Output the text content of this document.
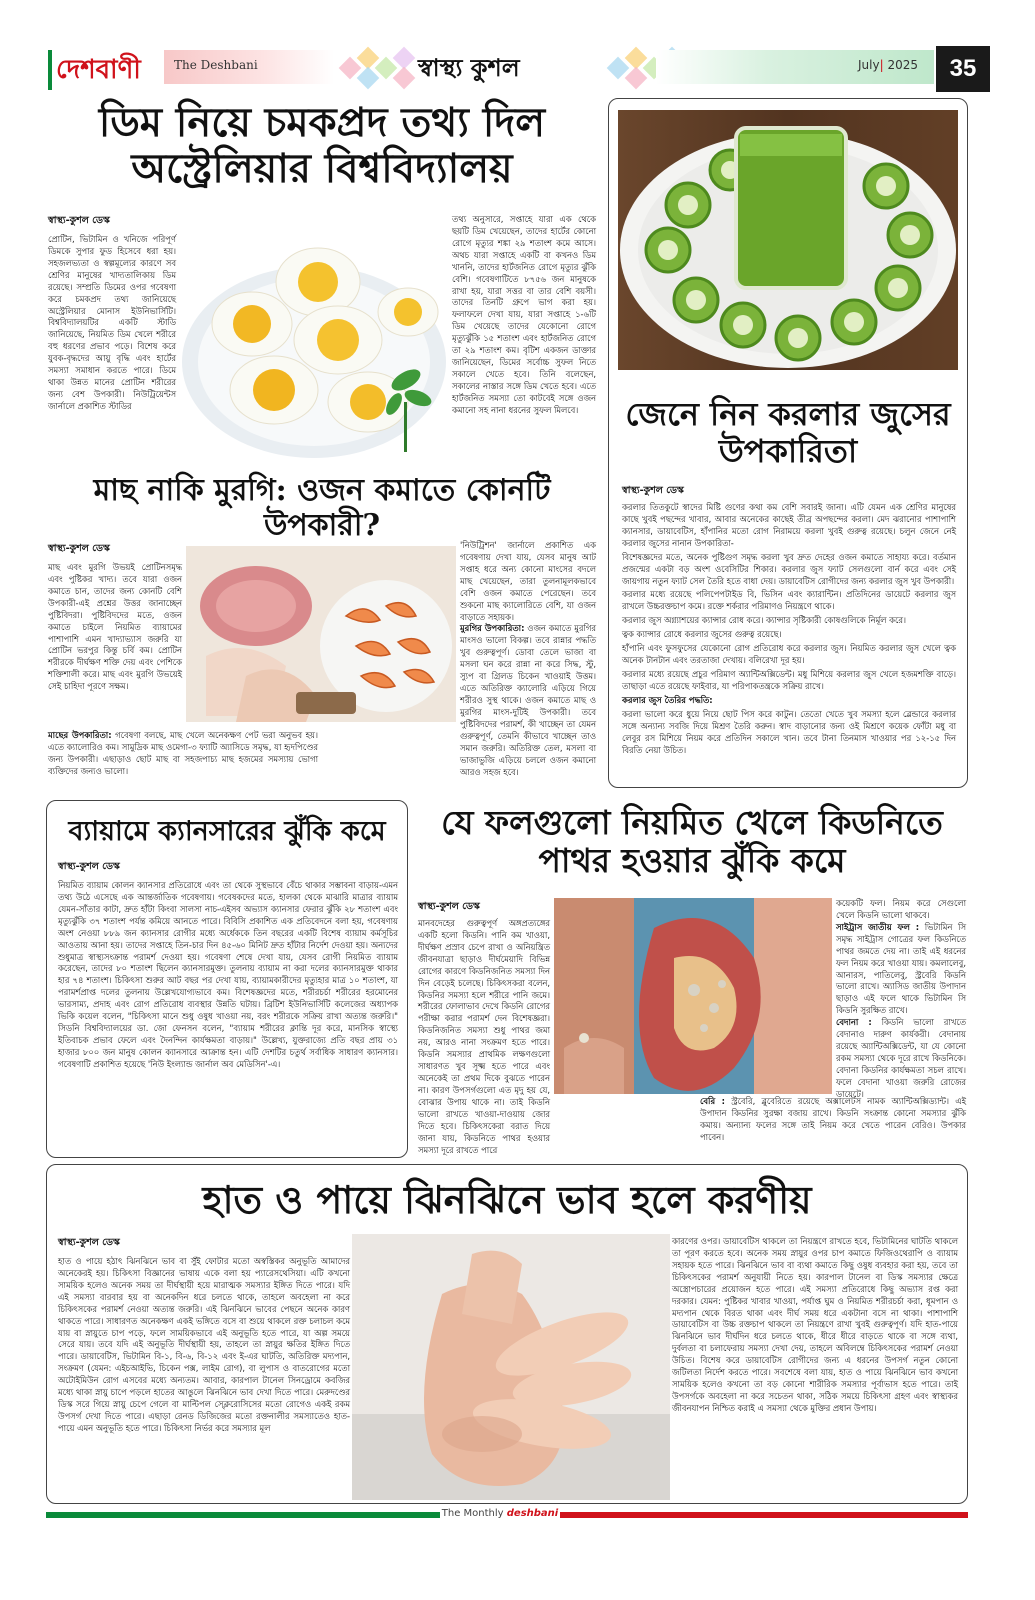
দেশবাণী	The Deshbani	স্বাস্থ্য কুশল	July| 2025	35
ডিম নিয়ে চমকপ্রদ তথ্য দিল অস্ট্রেলিয়ার বিশ্ববিদ্যালয়
স্বাস্থ্য-কুশল ডেস্ক
প্রোটিন, ভিটামিন ও খনিজে পরিপূর্ণ ডিমকে সুপার ফুড হিসেবে ধরা হয়। সহজলভ্যতা ও স্বল্পমূল্যের কারণে সব শ্রেণির মানুষের খাদ্যতালিকায় ডিম রয়েছে। সম্প্রতি ডিমের ওপর গবেষণা করে চমকপ্রদ তথ্য জানিয়েছে অস্ট্রেলিয়ার মোনাস ইউনিভার্সিটি। বিশ্ববিদ্যালয়টির একটি স্টাডি জানিয়েছে, নিয়মিত ডিম খেলে শরীরে বহু ধরণের প্রভাব পড়ে। বিশেষ করে যুবক-বৃদ্ধদের আয়ু বৃদ্ধি এবং হার্টের সমস্যা সমাধান করতে পারে। ডিমে থাকা উন্নত মানের প্রোটিন শরীরের জন্য বেশ উপকারী। নিউট্রিয়েন্টস জার্নালে প্রকাশিত স্টাডির
তথ্য অনুসারে, সপ্তাহে যারা এক থেকে ছয়টি ডিম খেয়েছেন, তাদের হার্টের কোনো রোগে মৃত্যুর শঙ্কা ২৯ শতাংশ কমে আসে। অথচ যারা সপ্তাহে একটি বা কখনও ডিম খাননি, তাদের হার্টজনিত রোগে মৃত্যুর ঝুঁকি বেশি। গবেষণাটিতে ৮৭৫৬ জন মানুষকে রাখা হয়, যারা সত্তর বা তার বেশি বয়সী। তাদের তিনটি গ্রুপে ভাগ করা হয়। ফলাফলে দেখা যায়, যারা সপ্তাহে ১-৬টি ডিম খেয়েছে তাদের যেকোনো রোগে মৃত্যুঝুঁকি ১৫ শতাংশ এবং হার্টজনিত রোগে তা ২৯ শতাংশ কম। বৃটিশ একজন ডাক্তার জানিয়েছেন, ডিমের সর্বোচ্চ সুফল নিতে সকালে খেতে হবে। তিনি বলেছেন, সকালের নাস্তার সঙ্গে ডিম খেতে হবে। এতে হার্টজনিত সমস্যা তো কাটবেই সঙ্গে ওজন কমানো সহ নানা ধরনের সুফল মিলবে।	জেনে নিন করলার জুসের উপকারিতা
স্বাস্থ্য-কুশল ডেস্ক

করলার তিতকুটে স্বাদের মিষ্টি গুণের কথা কম বেশি সবারই জানা। এটি যেমন এক শ্রেণির মানুষের কাছে খুবই পছন্দের খাবার, আবার অনেকের কাছেই তীব্র অপছন্দের করলা। মেদ ঝরানোর পাশাপাশি ক্যানসার, ডায়াবেটিস, হাঁপানির মতো রোগ নিরাময়ে করলা খুবই গুরুত্ব রয়েছে। চলুন জেনে নেই করলার জুসের নানান উপকারিতা-

বিশেষজ্ঞদের মতে, অনেক পুষ্টিগুণ সমৃদ্ধ করলা খুব দ্রুত দেহের ওজন কমাতে সাহায্য করে। বর্তমান প্রজন্মের একটা বড় অংশ ওবেসিটির শিকার। করলার জুস ফ্যাট সেলগুলো বার্ন করে এবং সেই জায়গায় নতুন ফ্যাট সেল তৈরি হতে বাধা দেয়। ডায়াবেটিস রোগীদের জন্য করলার জুস খুব উপকারী।

করলার মধ্যে রয়েছে পলিপেপটাইড বি, ভিসিন এবং ক্যারান্টিন। প্রতিদিনের ডায়েটে করলার জুস রাখলে উচ্চরক্তচাপ কমে। রক্তে শর্করার পরিমাণও নিয়ন্ত্রণে থাকে।

করলার জুস অগ্ন্যাশয়ের ক্যান্সার রোধ করে। ক্যান্সার সৃষ্টিকারী কোষগুলিকে নির্মূল করে।

ত্বক ক্যান্সার রোধে করলার জুসের গুরুত্ব রয়েছে।

হাঁপানি এবং ফুসফুসের যেকোনো রোগ প্রতিরোধ করে করলার জুস। নিয়মিত করলার জুস খেলে ত্বক অনেক টানটান এবং তরতাজা দেখায়। বলিরেখা দূর হয়।

করলার মধ্যে রয়েছে প্রচুর পরিমাণ অ্যান্টিঅক্সিডেন্ট। মধু মিশিয়ে করলার জুস খেলে হজমশক্তি বাড়ে। তাছাড়া এতে রয়েছে ফাইবার, যা পরিপাকতন্ত্রকে সক্রিয় রাখে।

করলার জুস তৈরির পদ্ধতি:

করলা ভালো করে ধুয়ে নিয়ে ছোট পিস করে কাটুন। তেতো খেতে খুব সমস্যা হলে ব্লেন্ডারে করলার সঙ্গে অন্যান্য সবজি দিয়ে মিশ্রণ তৈরি করুন। স্বাদ বাড়ানোর জন্য ওই মিশ্রণে কয়েক ফোঁটা মধু বা লেবুর রস মিশিয়ে নিয়ম করে প্রতিদিন সকালে খান। তবে টানা তিনমাস খাওয়ার পর ১২-১৫ দিন বিরতি নেয়া উচিত।

মাছ নাকি মুরগি: ওজন কমাতে কোনটি উপকারী?
স্বাস্থ্য-কুশল ডেস্ক
মাছ এবং মুরগি উভয়ই প্রোটিনসমৃদ্ধ এবং পুষ্টিকর খাদ্য। তবে যারা ওজন কমাতে চান, তাদের জন্য কোনটি বেশি উপকারী-এই প্রশ্নের উত্তর জানাচ্ছেন পুষ্টিবিদরা। পুষ্টিবিদদের মতে, ওজন কমাতে চাইলে নিয়মিত ব্যায়ামের পাশাপাশি এমন খাদ্যাভ্যাস জরুরি যা প্রোটিন ভরপুর কিন্তু চর্বি কম। প্রোটিন শরীরকে দীর্ঘক্ষণ শক্তি দেয় এবং পেশিকে শক্তিশালী করে। মাছ এবং মুরগি উভয়েই সেই চাহিদা পূরণে সক্ষম।
'নিউট্রিশন' জার্নালে প্রকাশিত এক গবেষণায় দেখা যায়, যেসব মানুষ আট সপ্তাহ ধরে অন্য কোনো মাংসের বদলে মাছ খেয়েছেন, তারা তুলনামূলকভাবে বেশি ওজন কমাতে পেরেছেন। তবে শুকনো মাছ ক্যালোরিতে বেশি, যা ওজন বাড়াতে সহায়ক।
মুরগির উপকারিতা: ওজন কমাতে মুরগির মাংসও ভালো বিকল্প। তবে রান্নার পদ্ধতি খুব গুরুত্বপূর্ণ। ডোবা তেলে ভাজা বা মসলা ঘন করে রান্না না করে সিদ্ধ, স্টু, স্যুপ বা গ্রিলড চিকেন খাওয়াই উত্তম। এতে অতিরিক্ত ক্যালোরি এড়িয়ে গিয়ে শরীরও সুস্থ থাকে। ওজন কমাতে মাছ ও মুরগির মাংস-দুটিই উপকারী। তবে পুষ্টিবিদদের পরামর্শ, কী খাচ্ছেন তা যেমন গুরুত্বপূর্ণ, তেমনি কীভাবে খাচ্ছেন তাও সমান জরুরি। অতিরিক্ত তেল, মসলা বা ভাজাভুজি এড়িয়ে চললে ওজন কমানো আরও সহজ হবে।
মাছের উপকারিতা: গবেষণা বলছে, মাছ খেলে অনেকক্ষণ পেট ভরা অনুভব হয়। এতে ক্যালোরিও কম। সামুদ্রিক মাছ ওমেগা-৩ ফ্যাটি অ্যাসিডে সমৃদ্ধ, যা হৃদপিণ্ডের জন্য উপকারী। এছাড়াও ছোট মাছ বা সহজপাচ্য মাছ হজমের সমস্যায় ভোগা ব্যক্তিদের জন্যও ভালো।
ব্যায়ামে ক্যানসারের ঝুঁকি কমে
স্বাস্থ্য-কুশল ডেস্ক
নিয়মিত ব্যায়াম কোলন ক্যানসার প্রতিরোধে এবং তা থেকে সুস্থভাবে বেঁচে থাকার সম্ভাবনা বাড়ায়-এমন তথ্য উঠে এসেছে এক আন্তর্জাতিক গবেষণায়। গবেষকদের মতে, হালকা থেকে মাঝারি মাত্রার ব্যায়াম যেমন-সাঁতার কাটা, দ্রুত হাঁটা কিংবা সালসা নাচ-এইসব অভ্যাস ক্যানসার ফেরার ঝুঁকি ২৮ শতাংশ এবং মৃত্যুঝুঁকি ৩৭ শতাংশ পর্যন্ত কমিয়ে আনতে পারে। বিবিসি প্রকাশিত এক প্রতিবেদনে বলা হয়, গবেষণায় অংশ নেওয়া ৮৮৯ জন ক্যানসার রোগীর মধ্যে অর্ধেককে তিন বছরের একটি বিশেষ ব্যায়াম কর্মসূচির আওতায় আনা হয়। তাদের সপ্তাহে তিন-চার দিন ৪৫-৬০ মিনিট দ্রুত হাঁটার নির্দেশ দেওয়া হয়। অন্যদের শুধুমাত্র স্বাস্থ্যসংক্রান্ত পরামর্শ দেওয়া হয়। গবেষণা শেষে দেখা যায়, যেসব রোগী নিয়মিত ব্যায়াম করেছেন, তাদের ৮০ শতাংশ ছিলেন ক্যানসারমুক্ত। তুলনায় ব্যায়াম না করা দলের ক্যানসারমুক্ত থাকার হার ৭৪ শতাংশ। চিকিৎসা শুরুর আট বছর পর দেখা যায়, ব্যায়ামকারীদের মৃত্যুহার মাত্র ১০ শতাংশ, যা পরামর্শপ্রাপ্ত দলের তুলনায় উল্লেখযোগ্যভাবে কম। বিশেষজ্ঞদের মতে, শরীরচর্চা শরীরের হরমোনের ভারসাম্য, প্রদাহ এবং রোগ প্রতিরোধ ব্যবস্থার উন্নতি ঘটায়। ব্রিটিশ ইউনিভার্সিটি কলেজের অধ্যাপক ভিকি কয়েল বলেন, "চিকিৎসা মানে শুধু ওষুধ খাওয়া নয়, বরং শরীরকে সক্রিয় রাখা অত্যন্ত জরুরি।" সিডনি বিশ্ববিদ্যালয়ের ডা. জো ফেনসন বলেন, "ব্যায়াম শরীরের ক্লান্তি দূর করে, মানসিক স্বাস্থ্যে ইতিবাচক প্রভাব ফেলে এবং দৈনন্দিন কার্যক্ষমতা বাড়ায়।" উল্লেখ্য, যুক্তরাজ্যে প্রতি বছর প্রায় ৩১ হাজার ৮০০ জন মানুষ কোলন ক্যানসারে আক্রান্ত হন। এটি দেশটির চতুর্থ সর্বাধিক সাধারণ ক্যানসার। গবেষণাটি প্রকাশিত হয়েছে 'নিউ ইংল্যান্ড জার্নাল অব মেডিসিন'-এ।
যে ফলগুলো নিয়মিত খেলে কিডনিতে পাথর হওয়ার ঝুঁকি কমে
স্বাস্থ্য-কুশল ডেস্ক
মানবদেহের গুরুত্বপূর্ণ অঙ্গপ্রত্যঙ্গের একটি হলো কিডনি। পানি কম খাওয়া, দীর্ঘক্ষণ প্রস্রাব চেপে রাখা ও অনিয়ন্ত্রিত জীবনযাত্রা ছাড়াও দীর্ঘমেয়াদি বিভিন্ন রোগের কারণে কিডনিজনিত সমস্যা দিন দিন বেড়েই চলেছে। চিকিৎসকরা বলেন, কিডনির সমস্যা হলে শরীরে পানি জমে। শরীরের ফোলাভাব দেখে কিডনি রোগের পরীক্ষা করার পরামর্শ দেন বিশেষজ্ঞরা। কিডনিজনিত সমস্যা শুধু পাথর জমা নয়, আরও নানা সংক্রমণ হতে পারে। কিডনি সমস্যার প্রাথমিক লক্ষণগুলো সাধারণত খুব সূক্ষ্ম হতে পারে এবং অনেকেই তা প্রথম দিকে বুঝতে পারেন না। কারণ উপসর্গগুলো এত মৃদু হয় যে, বোঝার উপায় থাকে না। তাই কিডনি ভালো রাখতে খাওয়া-দাওয়ায় জোর দিতে হবে। চিকিৎসকেরা বরাত দিয়ে জানা যায়, কিডনিতে পাথর হওয়ার সমস্যা দূরে রাখতে পারে
কয়েকটি ফল। নিয়ম করে সেগুলো খেলে কিডনি ভালো থাকবে।
সাইট্রাস জাতীয় ফল : ভিটামিন সি সমৃদ্ধ সাইট্রাস গোত্রের ফল কিডনিতে পাথর জমতে দেয় না। তাই এই ধরনের ফল নিয়ম করে খাওয়া যায়। কমলালেবু, আনারস, পাতিলেবু, স্ট্রবেরি কিডনি ভালো রাখে। অ্যাসিড জাতীয় উপাদান ছাড়াও এই ফলে থাকে ভিটামিন সি কিডনি সুরক্ষিত রাখে।
বেদানা : কিডনি ভালো রাখতে বেদানাও দারুণ কার্যকরী। বেদানায় রয়েছে অ্যান্টিঅক্সিডেন্ট, যা যে কোনো রকম সমস্যা থেকে দূরে রাখে কিডনিকে। বেদানা কিডনির কার্যক্ষমতা সচল রাখে। ফলে বেদানা খাওয়া জরুরি রোজের ডায়েটে।
বেরি : স্ট্রবেরি, ব্লুবেরিতে রয়েছে অক্সালেটস নামক অ্যান্টিঅক্সিড্যান্ট। এই উপাদান কিডনির সুরক্ষা বজায় রাখে। কিডনি সংক্রান্ত কোনো সমস্যার ঝুঁকি কমায়। অন্যান্য ফলের সঙ্গে তাই নিয়ম করে খেতে পারেন বেরিও। উপকার পাবেন।
হাত ও পায়ে ঝিনঝিনে ভাব হলে করণীয়
স্বাস্থ্য-কুশল ডেস্ক
হাত ও পায়ে হঠাৎ ঝিনঝিনে ভাব বা সুঁই ফোটার মতো অস্বস্তিকর অনুভূতি আমাদের অনেকেরই হয়। চিকিৎসা বিজ্ঞানের ভাষায় একে বলা হয় প্যারেসথেসিয়া। এটি কখনো সাময়িক হলেও অনেক সময় তা দীর্ঘস্থায়ী হয়ে মারাত্মক সমস্যার ইঙ্গিত দিতে পারে। যদি এই সমস্যা বারবার হয় বা অনেকদিন ধরে চলতে থাকে, তাহলে অবহেলা না করে চিকিৎসকের পরামর্শ নেওয়া অত্যন্ত জরুরি। এই ঝিনঝিনে ভাবের পেছনে অনেক কারণ থাকতে পারে। সাধারণত অনেকক্ষণ একই ভঙ্গিতে বসে বা শুয়ে থাকলে রক্ত চলাচল কমে যায় বা স্নায়ুতে চাপ পড়ে, ফলে সাময়িকভাবে এই অনুভূতি হতে পারে, যা অল্প সময়ে সেরে যায়। তবে যদি এই অনুভূতি দীর্ঘস্থায়ী হয়, তাহলে তা স্নায়ুর ক্ষতির ইঙ্গিত দিতে পারে। ডায়াবেটিস, ভিটামিন বি-১, বি-৬, বি-১২ এবং ই-এর ঘাটতি, অতিরিক্ত মদ্যপান, সংক্রমণ (যেমন: এইচআইভি, চিকেন পক্স, লাইম রোগ), বা লুপাস ও বাতরোগের মতো অটোইমিউন রোগ এসবের মধ্যে অন্যতম। আবার, কারপাল টানেল সিনড্রোমে কবজির মধ্যে থাকা স্নায়ু চাপে পড়লে হাতের আঙুলে ঝিনঝিনে ভাব দেখা দিতে পারে। মেরুদণ্ডের ডিস্ক সরে গিয়ে স্নায়ু চেপে গেলে বা মাল্টিপল স্ক্লেরোসিসের মতো রোগেও একই রকম উপসর্গ দেখা দিতে পারে। এছাড়া রেনড ডিজিজের মতো রক্তনালীর সমস্যাতেও হাত-পায়ে এমন অনুভূতি হতে পারে। চিকিৎসা নির্ভর করে সমস্যার মূল
কারণের ওপর। ডায়াবেটিস থাকলে তা নিয়ন্ত্রণে রাখতে হবে, ভিটামিনের ঘাটতি থাকলে তা পূরণ করতে হবে। অনেক সময় স্নায়ুর ওপর চাপ কমাতে ফিজিওথেরাপি ও ব্যায়াম সহায়ক হতে পারে। ঝিনঝিনে ভাব বা ব্যথা কমাতে কিছু ওষুধ ব্যবহার করা হয়, তবে তা চিকিৎসকের পরামর্শ অনুযায়ী নিতে হয়। কারপাল টানেল বা ডিস্ক সমস্যার ক্ষেত্রে অস্ত্রোপচারের প্রয়োজন হতে পারে। এই সমস্যা প্রতিরোধে কিছু অভ্যাস রপ্ত করা দরকার। যেমন: পুষ্টিকর খাবার খাওয়া, পর্যাপ্ত ঘুম ও নিয়মিত শরীরচর্চা করা, ধূমপান ও মদ্যপান থেকে বিরত থাকা এবং দীর্ঘ সময় ধরে একটানা বসে না থাকা। পাশাপাশি ডায়াবেটিস বা উচ্চ রক্তচাপ থাকলে তা নিয়ন্ত্রণে রাখা খুবই গুরুত্বপূর্ণ। যদি হাত-পায়ে ঝিনঝিনে ভাব দীর্ঘদিন ধরে চলতে থাকে, ধীরে ধীরে বাড়তে থাকে বা সঙ্গে ব্যথা, দুর্বলতা বা চলাফেরায় সমস্যা দেখা দেয়, তাহলে অবিলম্বে চিকিৎসকের পরামর্শ নেওয়া উচিত। বিশেষ করে ডায়াবেটিস রোগীদের জন্য এ ধরনের উপসর্গ নতুন কোনো জটিলতা নির্দেশ করতে পারে। সবশেষে বলা যায়, হাত ও পায়ে ঝিনঝিনে ভাব কখনো সাময়িক হলেও কখনো তা বড় কোনো শারীরিক সমস্যার পূর্বাভাস হতে পারে। তাই উপসর্গকে অবহেলা না করে সচেতন থাকা, সঠিক সময়ে চিকিৎসা গ্রহণ এবং স্বাস্থ্যকর জীবনযাপন নিশ্চিত করাই এ সমস্যা থেকে মুক্তির প্রধান উপায়।
The Monthly deshbani
